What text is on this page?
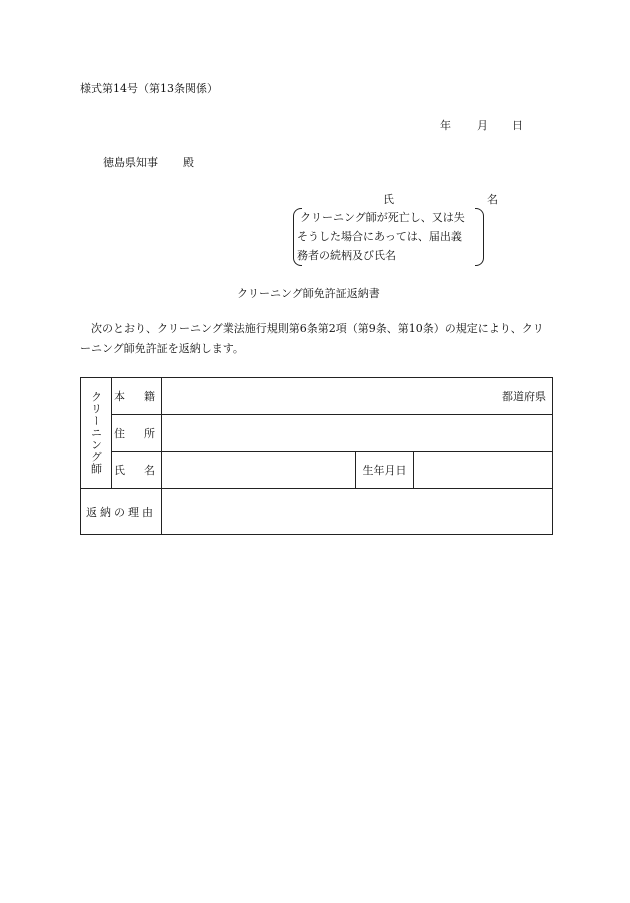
様式第14号（第13条関係）
年 月 日
徳島県知事 殿
氏	名
クリーニング師が死亡し、又は失
そうした場合にあっては、届出義
務者の続柄及び氏名
クリーニング師免許証返納書
次のとおり、クリーニング業法施行規則第6条第2項（第9条、第10条）の規定により、クリ
ーニング師免許証を返納します。
クリーニング師	本　籍	都道府県		
	住　所			
	氏　名		生年月日	
返納の理由				
